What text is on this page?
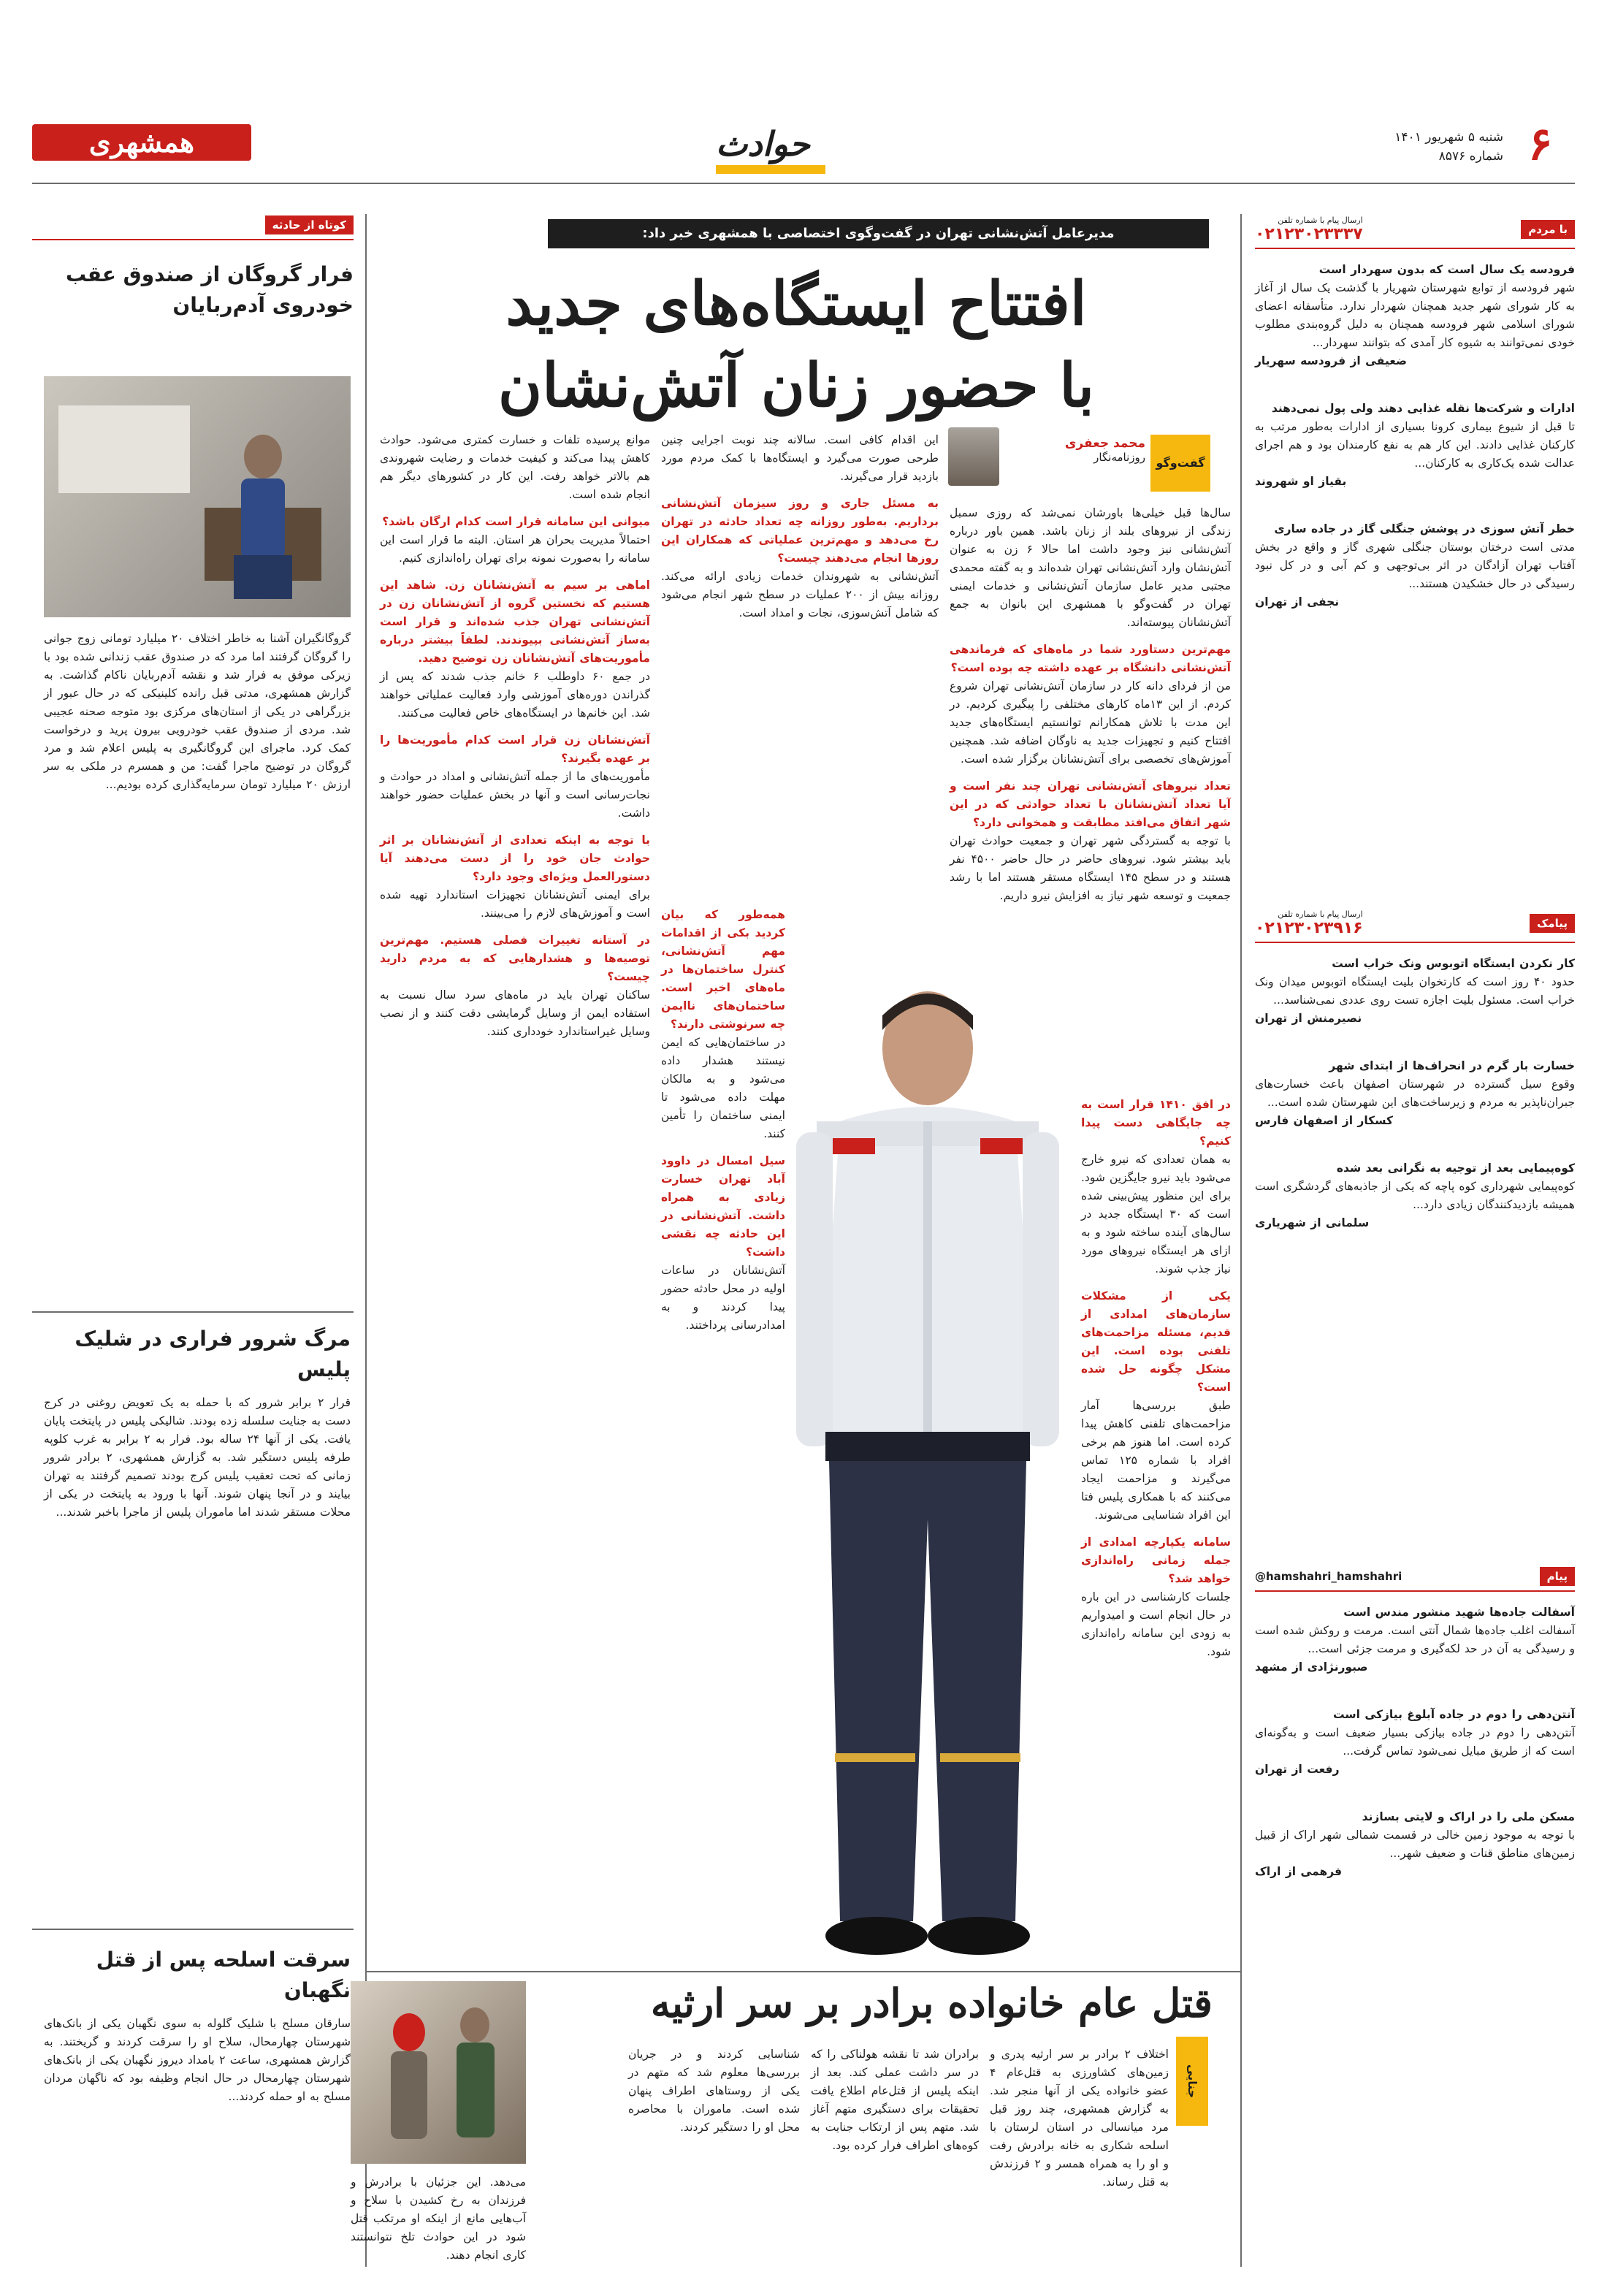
۶
شنبه ۵ شهریور ۱۴۰۱
شماره ۸۵۷۶
همشهری	حوادث
با مردم
ارسال پیام با شماره تلفن
۰۲۱۲۳۰۲۳۳۳۷
فرودسه یک سال است که بدون سهردار است
شهر فرودسه از توابع شهرستان شهریار با گذشت یک سال از آغاز به کار شورای شهر جدید همچنان شهردار ندارد. متأسفانه اعضای شورای اسلامی شهر فرودسه همچنان به دلیل گروه‌بندی مطلوب خودی نمی‌توانند به شیوه کار آمدی که بتوانند سهردار...
ضعیفی از فرودسه سهریار
ادارات و شرکت‌ها نقله غذایی دهند ولی پول نمی‌دهند
تا قبل از شیوع بیماری کرونا بسیاری از ادارات به‌طور مرتب به کارکنان غذایی دادند. این کار هم به نفع کارمندان بود و هم اجرای عدالت شده یک‌کاری به کارکنان...
بقیاز او شهروند
خطر آتش سوزی در پوشش جنگلی گاز در جاده ساری
مدتی است درختان بوستان جنگلی شهری گاز و واقع در بخش آفتاب تهران آزادگان در اثر بی‌توجهی و کم آبی و در کل نبود رسیدگی در حال خشکیدن هستند...
نجفی از تهران
پیامک
ارسال پیام با شماره تلفن
۰۲۱۲۳۰۲۳۹۱۶
کار نکردن ایستگاه اتوبوس ونک خراب است
حدود ۴۰ روز است که کارتخوان بلیت ایستگاه اتوبوس میدان ونک خراب است. مسئول بلیت اجازه تست روی عددی نمی‌شناسد...
نصیرمنش از تهران
خسارت بار گرم در انحراف‌ها از ابتدای شهر
وقوع سیل گسترده در شهرستان اصفهان باعث خسارت‌های جبران‌ناپذیر به مردم و زیرساخت‌های این شهرستان شده است...
کسکار از اصفهان فارس
کوه‌پیمایی بعد از توجیه به نگرانی بعد شده
کوه‌پیمایی شهرداری کوه پاچه که یکی از جاذبه‌های گردشگری است همیشه بازدیدکنندگان زیادی دارد...
سلمانی از شهریاری
پیام
@hamshahri_hamshahri
آسفالت جاده‌ها شهید منشور مندس است
آسفالت اغلب جاده‌ها شمال آنتی است. مرمت و روکش شده است و رسیدگی به آن در حد لکه‌گیری و مرمت جزئی است...
صبورنژادی از مشهد
آنتن‌دهی را دوم در جاده آبلوغ بیازکی است
آنتن‌دهی را دوم در جاده بیازکی بسیار ضعیف است و به‌گونه‌ای است که از طریق مبایل نمی‌شود تماس گرفت...
رفعت از تهران
مسکن ملی را در اراک و لایتی بسازند
با توجه به موجود زمین خالی در قسمت شمالی شهر اراک از قبیل زمین‌های مناطق قنات و ضعیف شهر...
فرهمی از اراک
مدیرعامل آتش‌نشانی تهران در گفت‌وگوی اختصاصی با همشهری خبر داد:
افتتاح ایستگاه‌های جدید
با حضور زنان آتش‌نشان
گفت‌وگو
محمد جعفری
روزنامه‌نگار
سال‌ها قبل خیلی‌ها باورشان نمی‌شد که روزی سمبل زندگی از نیروهای بلند از زنان باشد. همین‌ باور درباره آتش‌نشانی نیز وجود داشت اما حالا ۶ زن به عنوان آتش‌نشان وارد آتش‌نشانی تهران شده‌اند و به گفته محمدی مجتبی مدیر عامل سازمان آتش‌نشانی و خدمات ایمنی تهران در گفت‌وگو با همشهری این بانوان به جمع آتش‌نشانان پیوسته‌اند.
مهم‌ترین دستاورد شما در ماه‌های که فرماندهی آتش‌نشانی دانشگاه بر عهده داشته چه بوده است؟
من از فردای دانه کار در سازمان آتش‌نشانی تهران شروع کردم. از این ۱۳ماه کارهای مختلفی را پیگیری کردیم. در این مدت با تلاش همکارانم توانستیم ایستگاه‌های جدید افتتاح کنیم و تجهیزات جدید به ناوگان اضافه شد. همچنین آموزش‌های تخصصی برای آتش‌نشانان برگزار شده است.
تعداد نیروهای آتش‌نشانی تهران چند نفر است و آیا تعداد آتش‌نشانان با تعداد حوادثی که در این شهر اتفاق می‌افتد مطابقت و همخوانی دارد؟
با توجه به گستردگی شهر تهران و جمعیت حوادث تهران باید بیشتر شود. نیروهای حاضر در حال حاضر ۴۵۰۰ نفر هستند و در سطح ۱۴۵ ایستگاه مستقر هستند اما با رشد جمعیت و توسعه شهر نیاز به افزایش نیرو داریم.
در افق ۱۴۱۰ قرار است به چه جایگاهی دست پیدا کنیم؟
به همان تعدادی که نیرو خارج می‌شود باید نیرو جایگزین شود. برای این منظور پیش‌بینی شده است که ۳۰ ایستگاه جدید در سال‌های آینده ساخته شود و به ازای هر ایستگاه نیروهای مورد نیاز جذب شوند.
یکی از مشکلات سازمان‌های امدادی از قدیم، مسئله مزاحمت‌های تلفنی بوده است. این مشکل چگونه حل شده است؟
طبق بررسی‌ها آمار مزاحمت‌های تلفنی کاهش پیدا کرده است. اما هنوز هم برخی افراد با شماره ۱۲۵ تماس می‌گیرند و مزاحمت ایجاد می‌کنند که با همکاری پلیس فتا این افراد شناسایی می‌شوند.
سامانه یکپارچه امدادی از جمله زمانی راه‌اندازی خواهد شد؟
جلسات کارشناسی در این باره در حال انجام است و امیدواریم به زودی این سامانه راه‌اندازی شود.
این اقدام کافی است. سالانه چند نوبت اجرایی چنین طرحی صورت می‌گیرد و ایستگاه‌ها با کمک مردم مورد بازدید قرار می‌گیرند.
به مسئل جاری و روز سیزمان آتش‌نشانی برداریم. به‌طور روزانه چه تعداد حادثه در تهران رخ می‌دهد و مهم‌ترین عملیاتی که همکاران این روزها انجام می‌دهند چیست؟
آتش‌نشانی به شهروندان خدمات زیادی ارائه می‌کند. روزانه بیش از ۲۰۰ عملیات در سطح شهر انجام می‌شود که شامل آتش‌سوزی، نجات و امداد است.
همه‌طور که بیان کردید بکی از اقدامات مهم آتش‌نشانی، کنترل ساختمان‌ها در ماه‌های اخیر است. ساختمان‌های ناایمن چه سرنوشتی دارند؟
در ساختمان‌هایی که ایمن نیستند هشدار داده می‌شود و به مالکان مهلت داده می‌شود تا ایمنی ساختمان را تأمین کنند.
سیل امسال در داوود آباد تهران خسارت زیادی به همراه داشت. آتش‌نشانی در این حادثه چه نقشی داشت؟
آتش‌نشانان در ساعات اولیه در محل حادثه حضور پیدا کردند و به امدادرسانی پرداختند.
موانع پرسیده تلفات و خسارت کمتری می‌شود. حوادث کاهش پیدا می‌کند و کیفیت خدمات و رضایت شهروندی هم بالاتر خواهد رفت. این کار در کشورهای دیگر هم انجام شده است.
میوانی این سامانه قرار است کدام ارگان باشد؟
احتمالاً مدیریت بحران هر استان. البته ما قرار است این سامانه را به‌صورت نمونه برای تهران راه‌اندازی کنیم.
اماهی بر سیم به آتش‌نشانان زن. شاهد این هستیم که نخستین گروه از آتش‌نشانان زن در آتش‌نشانی تهران جذب شده‌اند و قرار است به‌ساز آتش‌نشانی بپیوندند. لطفاً بیشتر درباره مأموریت‌های آتش‌نشانان زن توضیح دهید.
در جمع ۶۰ داوطلب ۶ خانم جذب شدند که پس از گذراندن دوره‌های آموزشی وارد فعالیت عملیاتی خواهند شد. این خانم‌ها در ایستگاه‌های خاص فعالیت می‌کنند.
آتش‌نشانان زن قرار است کدام مأموریت‌ها را بر عهده بگیرند؟
مأموریت‌های ما از جمله آتش‌نشانی و امداد در حوادث و نجات‌رسانی است و آنها در بخش عملیات حضور خواهند داشت.
با توجه به اینکه تعدادی از آتش‌نشانان بر اثر حوادث جان خود را از دست می‌دهند آیا دستورالعمل ویژه‌ای وجود دارد؟
برای ایمنی آتش‌نشانان تجهیزات استاندارد تهیه شده است و آموزش‌های لازم را می‌بینند.
در آستانه تغییرات فصلی هستیم. مهم‌ترین توصیه‌ها و هشدارهایی که به مردم دارید چیست؟
ساکنان تهران باید در ماه‌های سرد سال نسبت به استفاده ایمن از وسایل گرمایشی دقت کنند و از نصب وسایل غیراستاندارد خودداری کنند.
کوتاه از حادثه
فرار گروگان از صندوق عقب خودروی آدم‌ربایان
گروگانگیران آشنا به خاطر اختلاف ۲۰ میلیارد تومانی زوج جوانی را گروگان گرفتند اما مرد که در صندوق عقب زندانی شده بود با زیرکی موفق به فرار شد و نقشه آدم‌ربایان ناکام گذاشت. به گزارش همشهری، مدتی قبل رانده کلینیکی که در حال عبور از بزرگراهی در یکی از استان‌های مرکزی بود متوجه صحنه عجیبی شد. مردی از صندوق عقب خودرویی بیرون پرید و درخواست کمک کرد. ماجرای این گروگانگیری به پلیس اعلام شد و مرد گروگان در توضیح ماجرا گفت: من و همسرم در ملکی به سر ارزش ۲۰ میلیارد تومان سرمایه‌گذاری کرده بودیم...
مرگ شرور فراری در شلیک پلیس
قرار ۲ برابر شرور که با حمله به یک تعویض روغنی در کرج دست به جنایت سلسله زده بودند. شالیکی پلیس در پایتخت پایان یافت. یکی از آنها ۲۴ ساله بود. فرار به ۲ برابر به غرب کلوپه طرفه پلیس دستگیر شد. به گزارش همشهری، ۲ برادر شرور زمانی که تحت تعقیب پلیس کرج بودند تصمیم گرفتند به تهران بیایند و در آنجا پنهان شوند. آنها با ورود به پایتخت در یکی از محلات مستقر شدند اما ماموران پلیس از ماجرا باخبر شدند...
سرقت اسلحه پس از قتل نگهبان
سارقان مسلح با شلیک گلوله به سوی نگهبان یکی از بانک‌های شهرستان چهارمحال، سلاح او را سرقت کردند و گریختند. به گزارش همشهری، ساعت ۲ بامداد دیروز نگهبان یکی از بانک‌های شهرستان چهارمحال در حال انجام وظیفه بود که ناگهان مردان مسلح به او حمله کردند...
قتل عام خانواده برادر بر سر ارثیه
جنایی
اختلاف ۲ برادر بر سر ارثیه پدری و زمین‌های کشاورزی به قتل‌عام ۴ عضو خانواده یکی از آنها منجر شد. به گزارش همشهری، چند روز قبل مرد میانسالی در استان لرستان با اسلحه شکاری به خانه برادرش رفت و او را به همراه همسر و ۲ فرزندش به قتل رساند.
برادران شد تا نقشه هولناکی را که در سر داشت عملی کند. بعد از اینکه پلیس از قتل‌عام اطلاع یافت تحقیقات برای دستگیری متهم آغاز شد. متهم پس از ارتکاب جنایت به کوه‌های اطراف فرار کرده بود.
شناسایی کردند و در جریان بررسی‌ها معلوم شد که متهم در یکی از روستاهای اطراف پنهان شده است. ماموران با محاصره محل او را دستگیر کردند.
می‌دهد. این جزئیان با برادرش و فرزندان به رخ کشیدن با سلاح و آب‌هایی مانع از اینکه او مرتکب قتل شود در این حوادث تلخ نتوانستند کاری انجام دهند.
